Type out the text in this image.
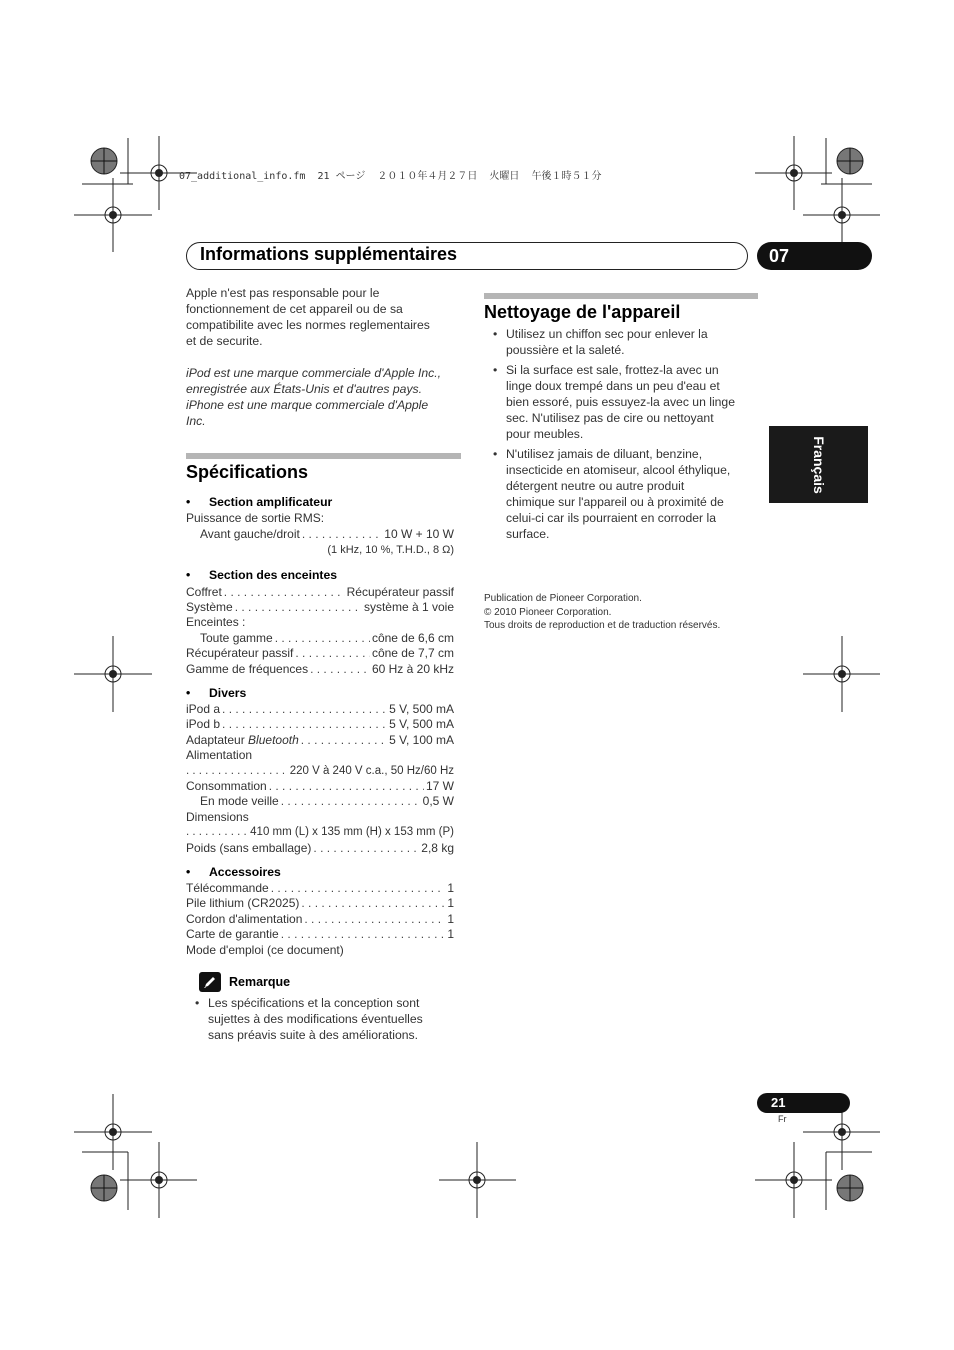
07_additional_info.fm  21 ページ  ２０１０年４月２７日  火曜日  午後１時５１分
Informations supplémentaires	07
Français
Apple n'est pas responsable pour le
fonctionnement de cet appareil ou de sa
compatibilite avec les normes reglementaires
et de securite.
iPod est une marque commerciale d'Apple Inc.,
enregistrée aux États-Unis et d'autres pays.
iPhone est une marque commerciale d'Apple
Inc.
Spécifications
• Section amplificateur
Puissance de sortie RMS:
Avant gauche/droit . . .	10 W + 10 W
(1 kHz, 10 %, T.H.D., 8 Ω)
• Section des enceintes
Coffret . . .	Récupérateur passif
Système . . .	système à 1 voie
Enceintes :
Toute gamme . . .	cône de 6,6 cm
Récupérateur passif . . .	cône de 7,7 cm
Gamme de fréquences . . .	60 Hz à 20 kHz
• Divers
iPod a . . .	5 V, 500 mA
iPod b . . .	5 V, 500 mA
Adaptateur Bluetooth . . .	5 V, 100 mA
Alimentation
. . .
220 V à 240 V c.a., 50 Hz/60 Hz
Consommation . . .	17 W
En mode veille . . .	0,5 W
Dimensions
. . .
410 mm (L) x 135 mm (H) x 153 mm (P)
Poids (sans emballage) . . .	2,8 kg
• Accessoires
Télécommande . . .	1
Pile lithium (CR2025) . . .	1
Cordon d'alimentation . . .	1
Carte de garantie . . .	1
Mode d'emploi (ce document)
Remarque
• Les spécifications et la conception sont
sujettes à des modifications éventuelles
sans préavis suite à des améliorations.
Nettoyage de l'appareil
• Utilisez un chiffon sec pour enlever la
poussière et la saleté.
• Si la surface est sale, frottez-la avec un
linge doux trempé dans un peu d'eau et
bien essoré, puis essuyez-la avec un linge
sec. N'utilisez pas de cire ou nettoyant
pour meubles.
• N'utilisez jamais de diluant, benzine,
insecticide en atomiseur, alcool éthylique,
détergent neutre ou autre produit
chimique sur l'appareil ou à proximité de
celui-ci car ils pourraient en corroder la
surface.
Publication de Pioneer Corporation.
© 2010 Pioneer Corporation.
Tous droits de reproduction et de traduction réservés.
21
Fr
